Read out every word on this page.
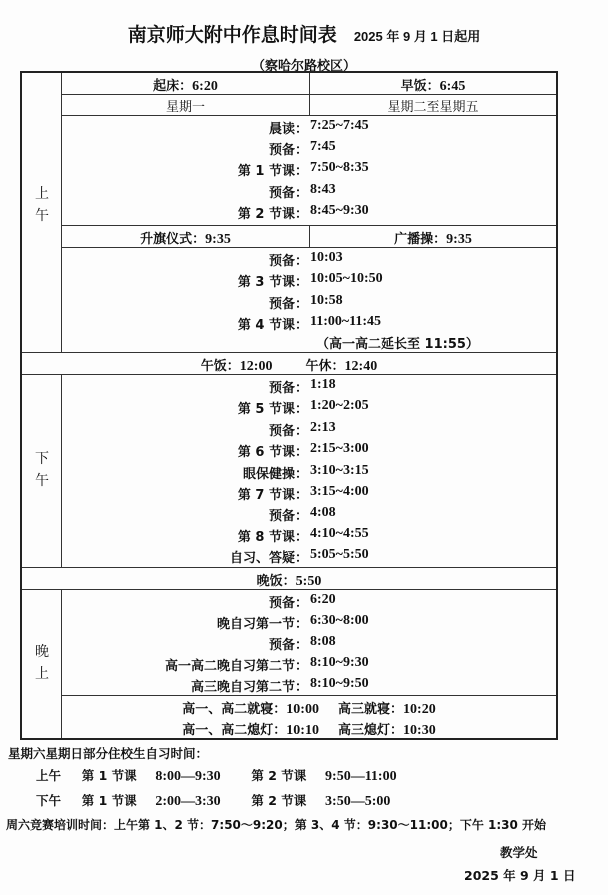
南京师大附中作息时间表 2025 年 9 月 1 日起用
（察哈尔路校区）
上
午
起床：6:20	早饭：6:45
星期一	星期二至星期五
晨读： 7:25~7:45
预备： 7:45
第 1 节课： 7:50~8:35
预备： 8:43
第 2 节课： 8:45~9:30
升旗仪式：9:35	广播操：9:35
预备： 10:03
第 3 节课： 10:05~10:50
预备： 10:58
第 4 节课： 11:00~11:45
（高一高二延长至 11:55）
午饭：12:00	午休：12:40
下
午
预备： 1:18
第 5 节课： 1:20~2:05
预备： 2:13
第 6 节课： 2:15~3:00
眼保健操： 3:10~3:15
第 7 节课： 3:15~4:00
预备： 4:08
第 8 节课： 4:10~4:55
自习、答疑： 5:05~5:50
晚饭：5:50
晚
上
预备： 6:20
晚自习第一节： 6:30~8:00
预备： 8:08
高一高二晚自习第二节： 8:10~9:30
高三晚自习第二节： 8:10~9:50
高一、高二就寝：10:00 高三就寝：10:20
高一、高二熄灯：10:10 高三熄灯：10:30
星期六星期日部分住校生自习时间：
上午 第 1 节课 8:00—9:30 第 2 节课 9:50—11:00
下午 第 1 节课 2:00—3:30 第 2 节课 3:50—5:00
周六竞赛培训时间：上午第 1、2 节：7:50～9:20；第 3、4 节：9:30～11:00；下午 1:30 开始
教学处
2025 年 9 月 1 日
